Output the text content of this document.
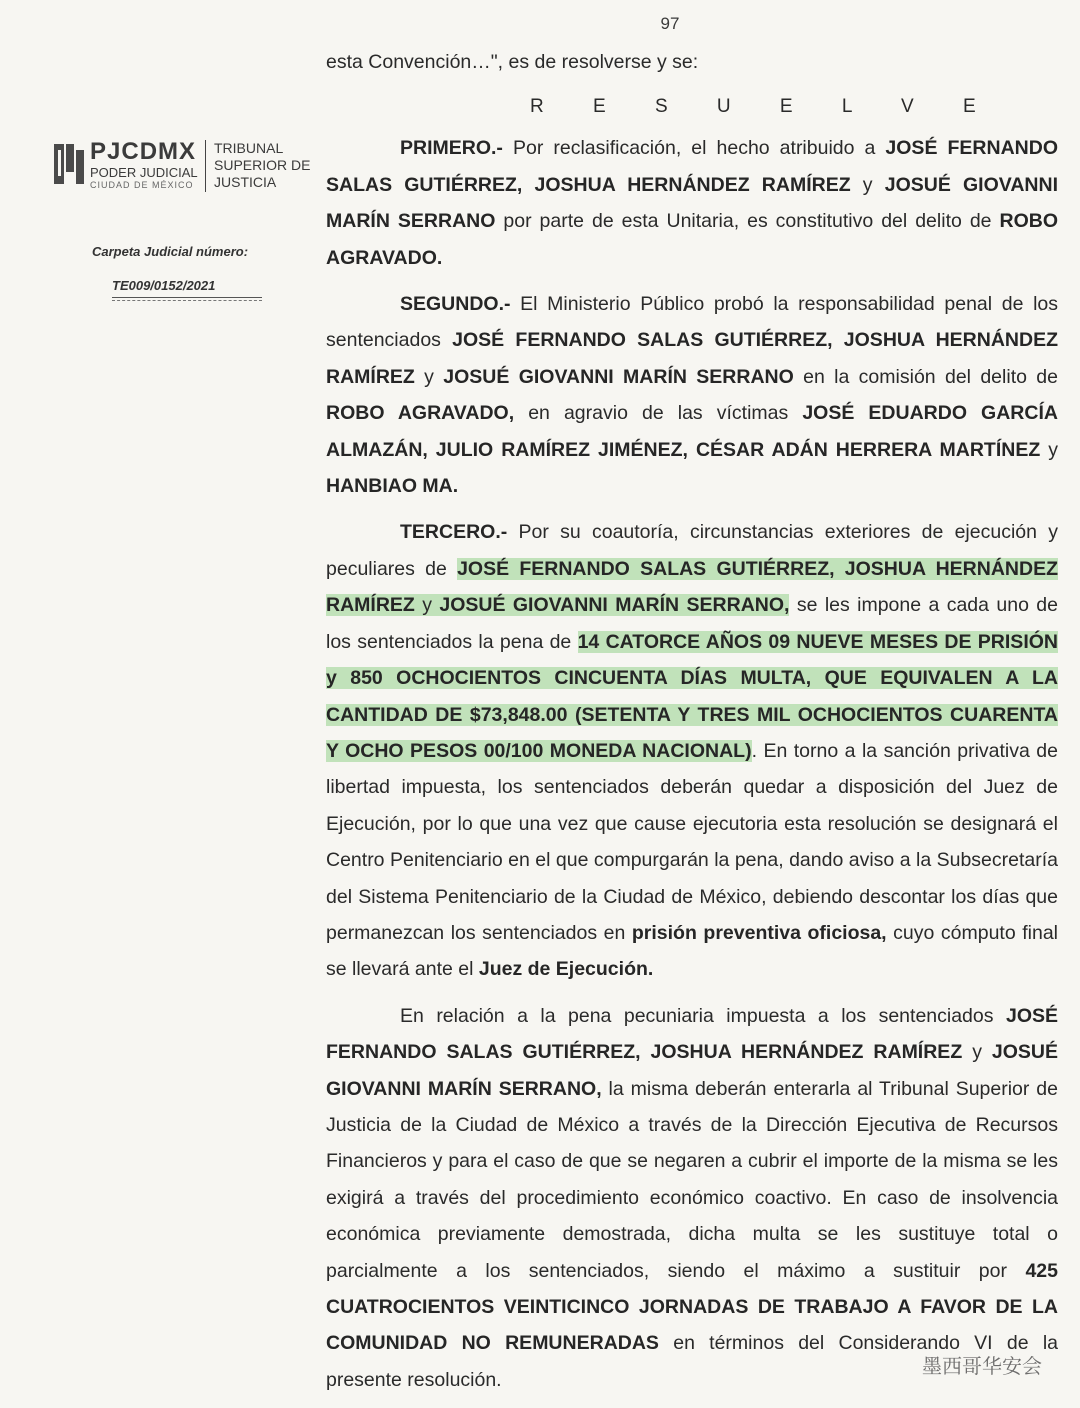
97
PJCDMX
PODER JUDICIAL
CIUDAD DE MÉXICO
TRIBUNAL
SUPERIOR DE
JUSTICIA
Carpeta Judicial número:
TE009/0152/2021

esta Convención…", es de resolverse y se:

R E S U E L V E

PRIMERO.- Por reclasificación, el hecho atribuido a JOSÉ FERNANDO SALAS GUTIÉRREZ, JOSHUA HERNÁNDEZ RAMÍREZ y JOSUÉ GIOVANNI MARÍN SERRANO por parte de esta Unitaria, es constitutivo del delito de ROBO AGRAVADO.

SEGUNDO.- El Ministerio Público probó la responsabilidad penal de los sentenciados JOSÉ FERNANDO SALAS GUTIÉRREZ, JOSHUA HERNÁNDEZ RAMÍREZ y JOSUÉ GIOVANNI MARÍN SERRANO en la comisión del delito de ROBO AGRAVADO, en agravio de las víctimas JOSÉ EDUARDO GARCÍA ALMAZÁN, JULIO RAMÍREZ JIMÉNEZ, CÉSAR ADÁN HERRERA MARTÍNEZ y HANBIAO MA.

TERCERO.- Por su coautoría, circunstancias exteriores de ejecución y peculiares de JOSÉ FERNANDO SALAS GUTIÉRREZ, JOSHUA HERNÁNDEZ RAMÍREZ y JOSUÉ GIOVANNI MARÍN SERRANO, se les impone a cada uno de los sentenciados la pena de 14 CATORCE AÑOS 09 NUEVE MESES DE PRISIÓN y 850 OCHOCIENTOS CINCUENTA DÍAS MULTA, QUE EQUIVALEN A LA CANTIDAD DE $73,848.00 (SETENTA Y TRES MIL OCHOCIENTOS CUARENTA Y OCHO PESOS 00/100 MONEDA NACIONAL). En torno a la sanción privativa de libertad impuesta, los sentenciados deberán quedar a disposición del Juez de Ejecución, por lo que una vez que cause ejecutoria esta resolución se designará el Centro Penitenciario en el que compurgarán la pena, dando aviso a la Subsecretaría del Sistema Penitenciario de la Ciudad de México, debiendo descontar los días que permanezcan los sentenciados en prisión preventiva oficiosa, cuyo cómputo final se llevará ante el Juez de Ejecución.

En relación a la pena pecuniaria impuesta a los sentenciados JOSÉ FERNANDO SALAS GUTIÉRREZ, JOSHUA HERNÁNDEZ RAMÍREZ y JOSUÉ GIOVANNI MARÍN SERRANO, la misma deberán enterarla al Tribunal Superior de Justicia de la Ciudad de México a través de la Dirección Ejecutiva de Recursos Financieros y para el caso de que se negaren a cubrir el importe de la misma se les exigirá a través del procedimiento económico coactivo. En caso de insolvencia económica previamente demostrada, dicha multa se les sustituye total o parcialmente a los sentenciados, siendo el máximo a sustituir por 425 CUATROCIENTOS VEINTICINCO JORNADAS DE TRABAJO A FAVOR DE LA COMUNIDAD NO REMUNERADAS en términos del Considerando VI de la presente resolución.

墨西哥华安会
